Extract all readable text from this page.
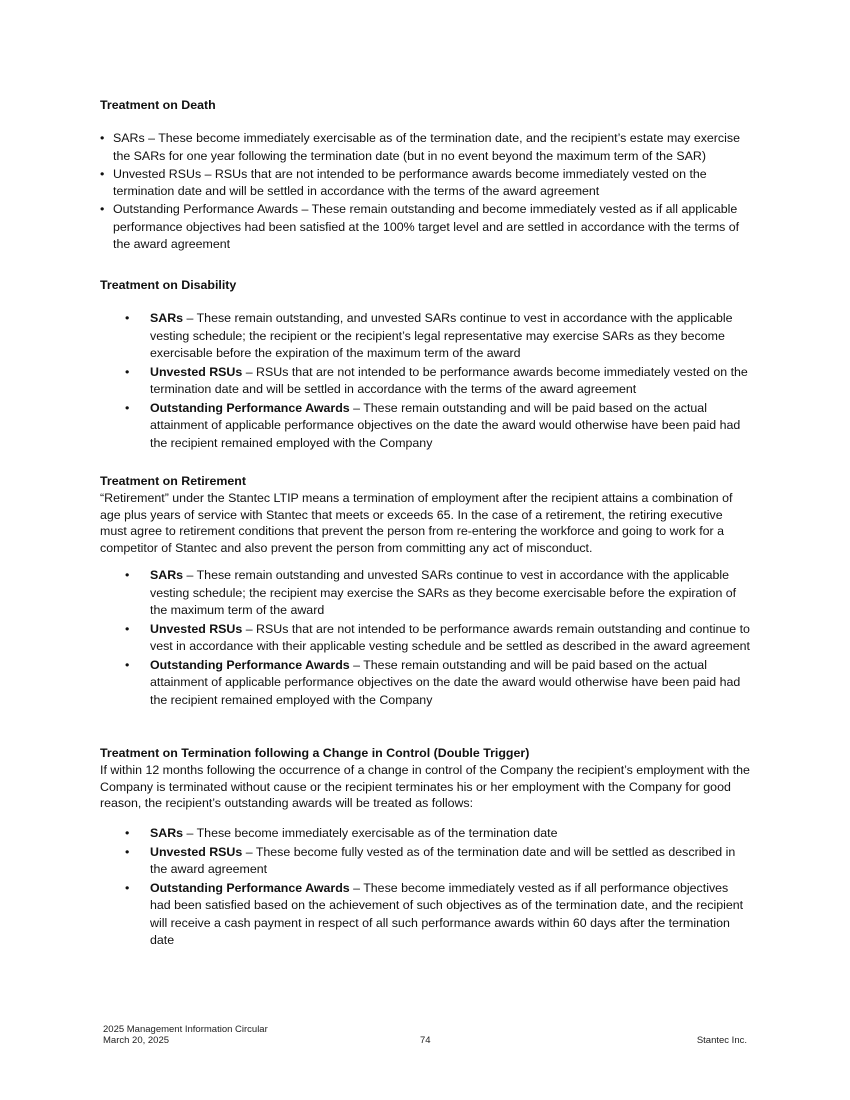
Treatment on Death
• SARs – These become immediately exercisable as of the termination date, and the recipient’s estate may exercise the SARs for one year following the termination date (but in no event beyond the maximum term of the SAR)
• Unvested RSUs – RSUs that are not intended to be performance awards become immediately vested on the termination date and will be settled in accordance with the terms of the award agreement
• Outstanding Performance Awards – These remain outstanding and become immediately vested as if all applicable performance objectives had been satisfied at the 100% target level and are settled in accordance with the terms of the award agreement
Treatment on Disability
• SARs – These remain outstanding, and unvested SARs continue to vest in accordance with the applicable vesting schedule; the recipient or the recipient’s legal representative may exercise SARs as they become exercisable before the expiration of the maximum term of the award
• Unvested RSUs – RSUs that are not intended to be performance awards become immediately vested on the termination date and will be settled in accordance with the terms of the award agreement
• Outstanding Performance Awards – These remain outstanding and will be paid based on the actual attainment of applicable performance objectives on the date the award would otherwise have been paid had the recipient remained employed with the Company
Treatment on Retirement

“Retirement” under the Stantec LTIP means a termination of employment after the recipient attains a combination of age plus years of service with Stantec that meets or exceeds 65. In the case of a retirement, the retiring executive must agree to retirement conditions that prevent the person from re-entering the workforce and going to work for a competitor of Stantec and also prevent the person from committing any act of misconduct.

• SARs – These remain outstanding and unvested SARs continue to vest in accordance with the applicable vesting schedule; the recipient may exercise the SARs as they become exercisable before the expiration of the maximum term of the award
• Unvested RSUs – RSUs that are not intended to be performance awards remain outstanding and continue to vest in accordance with their applicable vesting schedule and be settled as described in the award agreement
• Outstanding Performance Awards – These remain outstanding and will be paid based on the actual attainment of applicable performance objectives on the date the award would otherwise have been paid had the recipient remained employed with the Company
Treatment on Termination following a Change in Control (Double Trigger)

If within 12 months following the occurrence of a change in control of the Company the recipient’s employment with the Company is terminated without cause or the recipient terminates his or her employment with the Company for good reason, the recipient’s outstanding awards will be treated as follows:

• SARs – These become immediately exercisable as of the termination date
• Unvested RSUs – These become fully vested as of the termination date and will be settled as described in the award agreement
• Outstanding Performance Awards – These become immediately vested as if all performance objectives had been satisfied based on the achievement of such objectives as of the termination date, and the recipient will receive a cash payment in respect of all such performance awards within 60 days after the termination date
2025 Management Information Circular
March 20, 2025	74	Stantec Inc.
